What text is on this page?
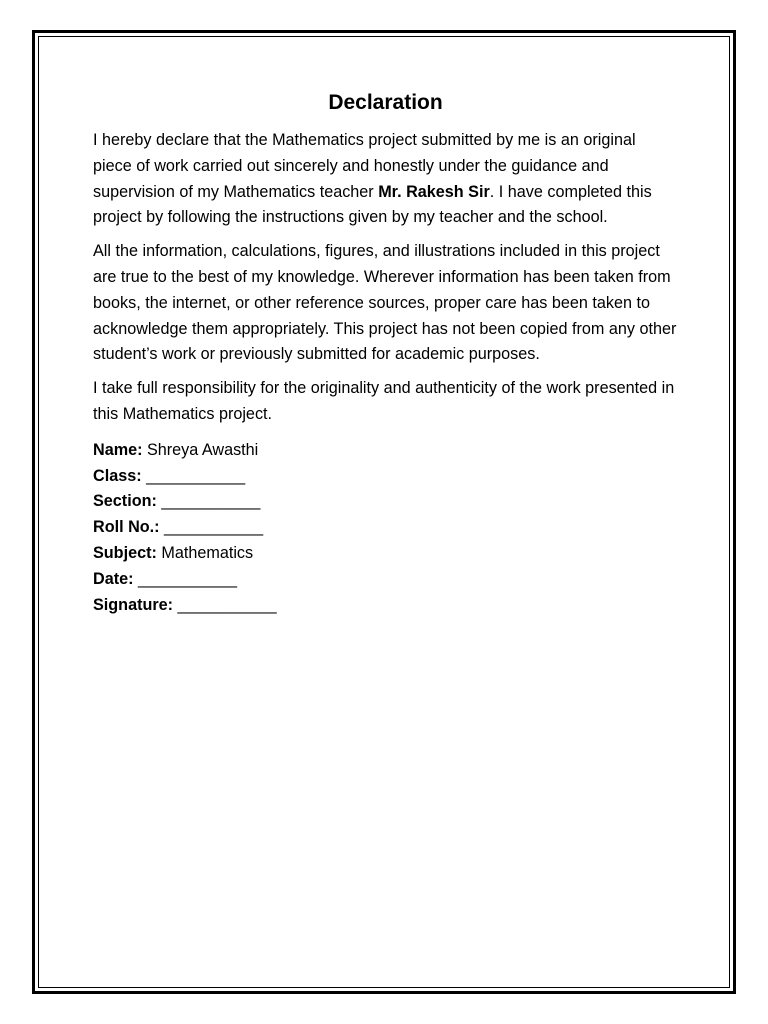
Declaration

I hereby declare that the Mathematics project submitted by me is an original piece of work carried out sincerely and honestly under the guidance and supervision of my Mathematics teacher Mr. Rakesh Sir. I have completed this project by following the instructions given by my teacher and the school.

All the information, calculations, figures, and illustrations included in this project are true to the best of my knowledge. Wherever information has been taken from books, the internet, or other reference sources, proper care has been taken to acknowledge them appropriately. This project has not been copied from any other student’s work or previously submitted for academic purposes.

I take full responsibility for the originality and authenticity of the work presented in this Mathematics project.

Name: Shreya Awasthi
Class: ___________
Section: ___________
Roll No.: ___________
Subject: Mathematics
Date: ___________
Signature: ___________
